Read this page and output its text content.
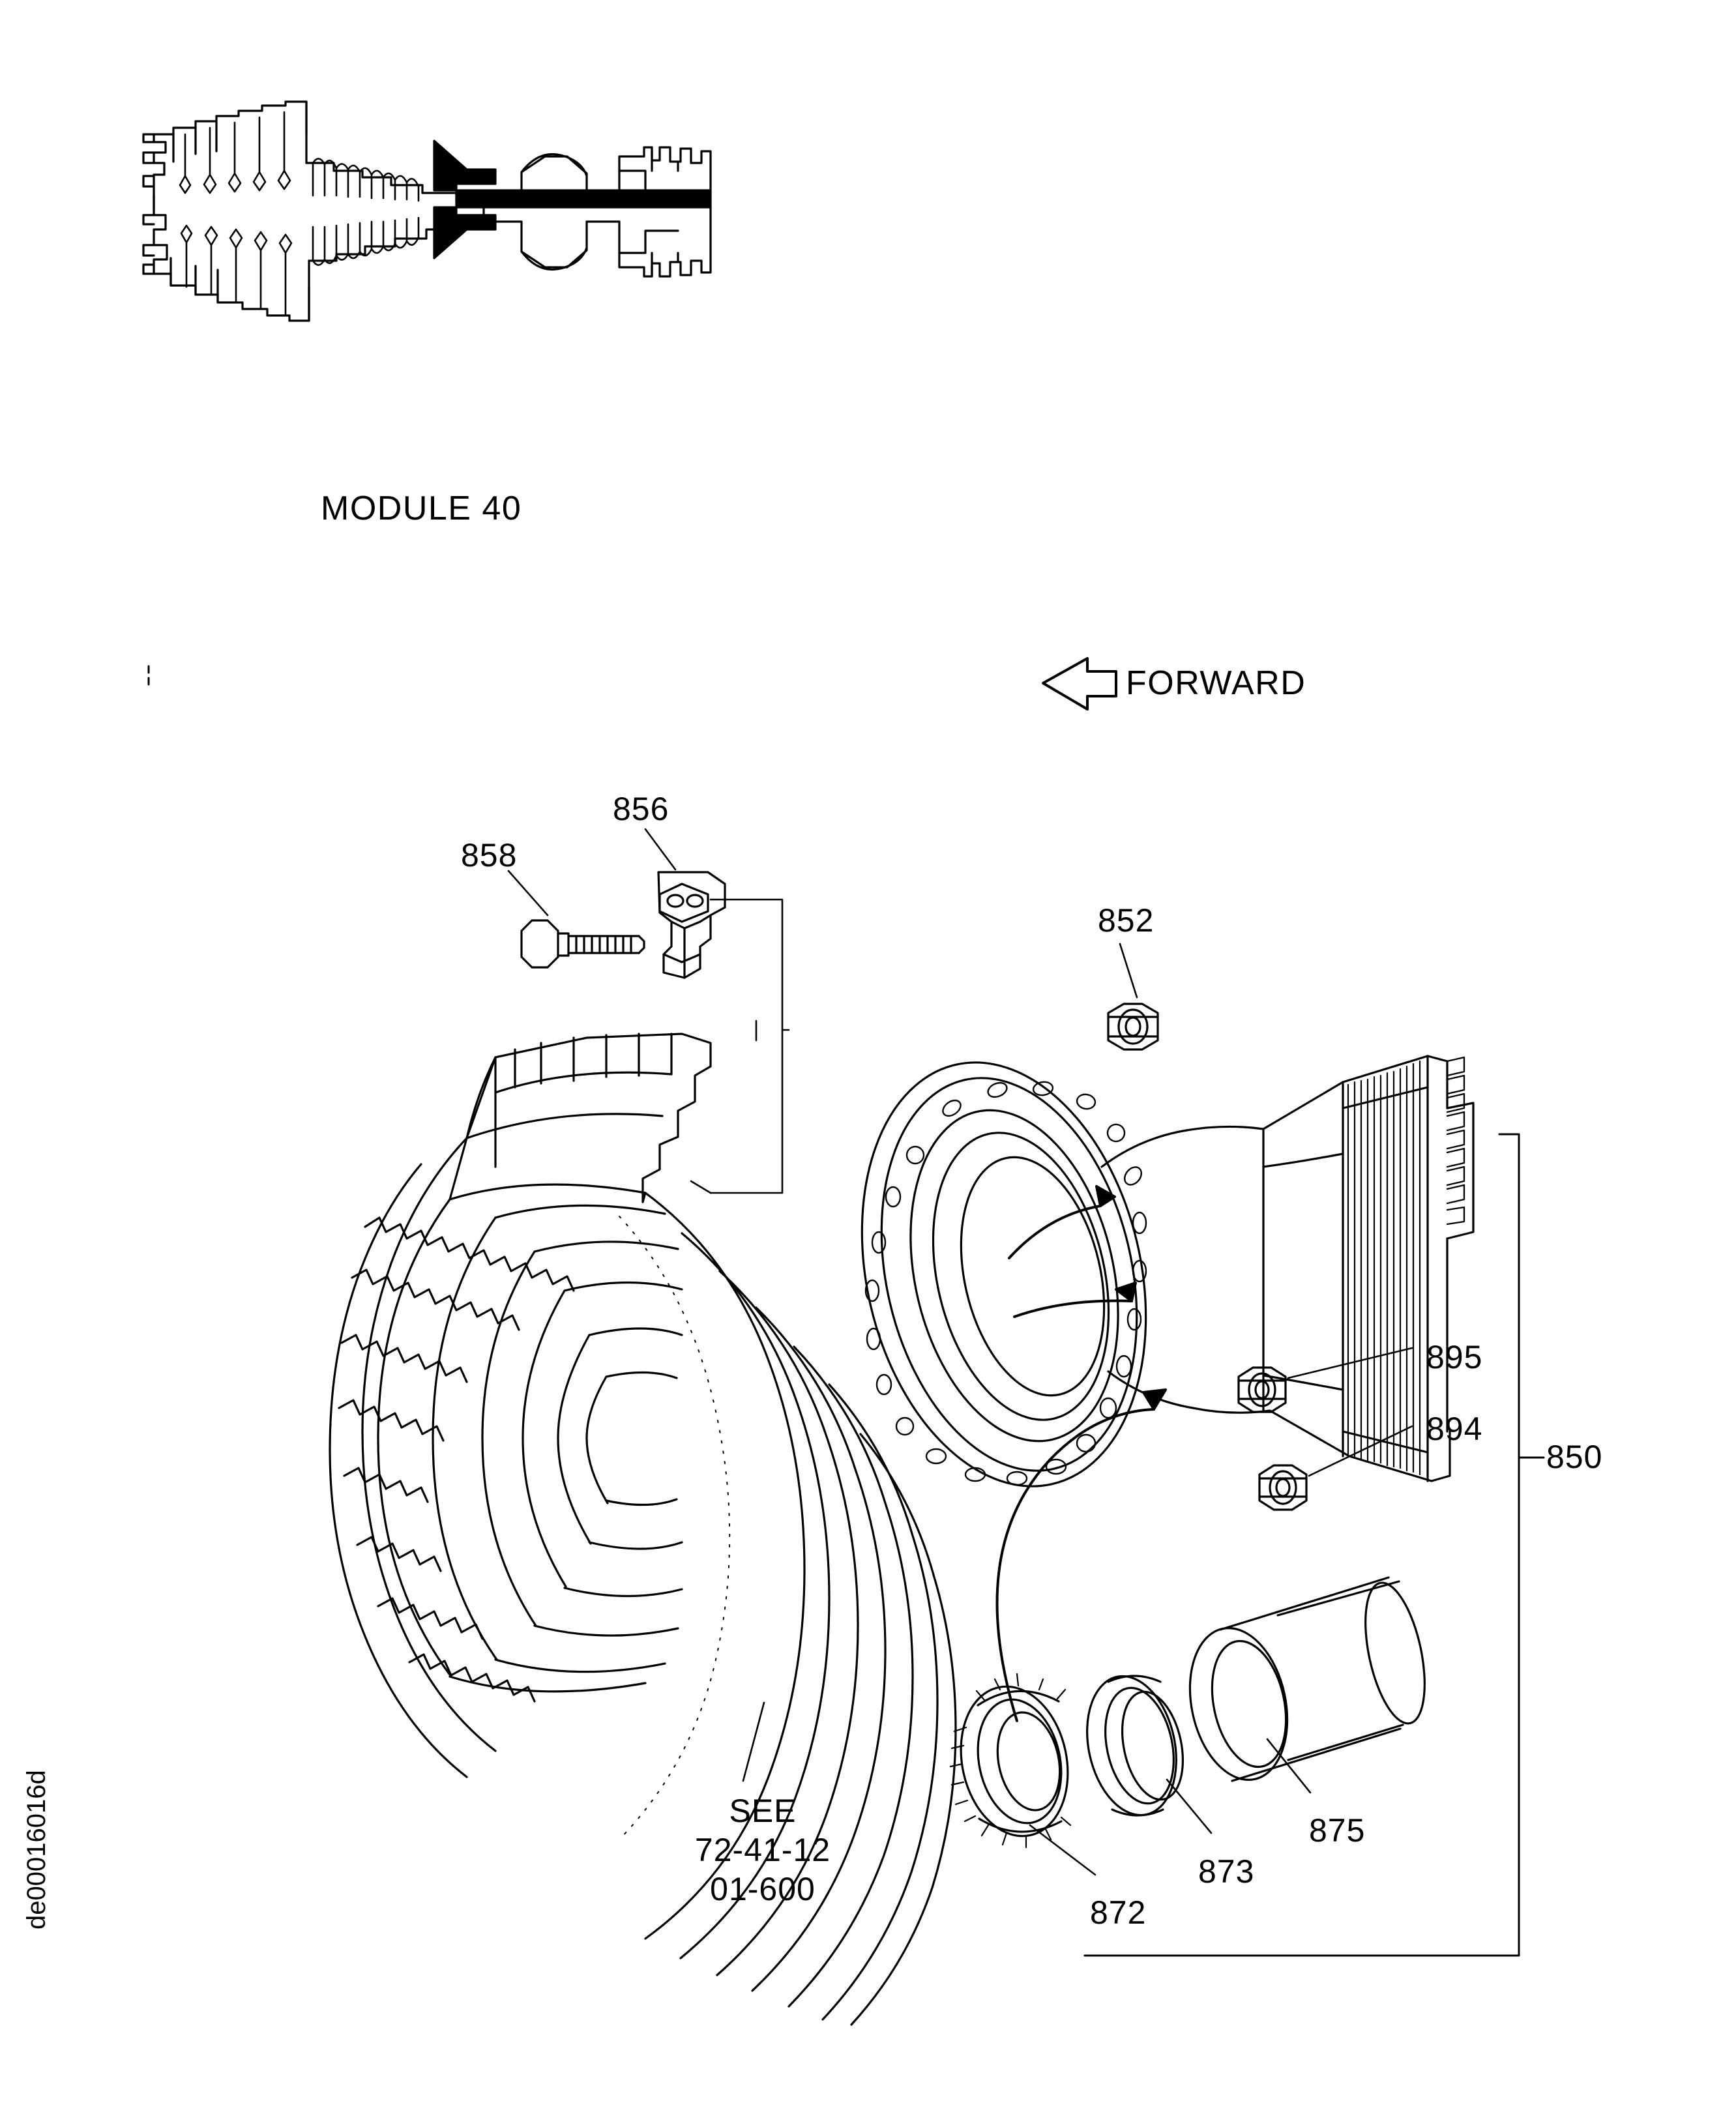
MODULE 40
FORWARD
SEE
72-41-12
01-600
858
856
852
895
894
850
875
873
872
de00016016d
